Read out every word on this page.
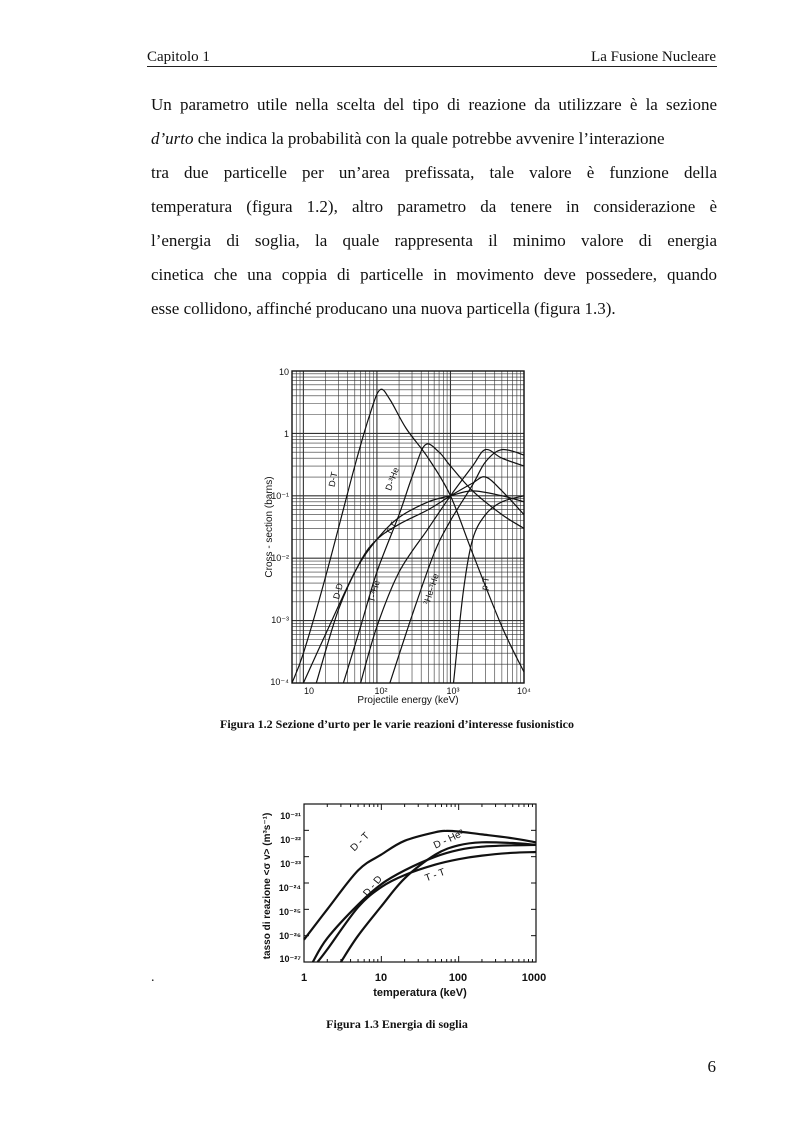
Capitolo 1	La Fusione Nucleare
Un parametro utile nella scelta del tipo di reazione da utilizzare è la sezione
d’urto che indica la probabilità con la quale potrebbe avvenire l’interazione
tra due particelle per un’area prefissata, tale valore è funzione della
temperatura (figura 1.2), altro parametro da tenere in considerazione è
l’energia di soglia, la quale rappresenta il minimo valore di energia
cinetica che una coppia di particelle in movimento deve possedere, quando
esse collidono, affinché producano una nuova particella (figura 1.3).
10
1
10⁻¹
10⁻²
10⁻³
10⁻⁴
10	10²	10³	10⁴
Projectile energy (keV)
Cross - section (barns)	D-T	D-³He
T-T
D-D T-³He	³He-³He	p-T
Figura 1.2 Sezione d’urto per le varie reazioni d’interesse fusionistico
10⁻²¹
10⁻²²
10⁻²³
10⁻²⁴
10⁻²⁵
10⁻²⁶
10⁻²⁷
1	10	100	1000
temperatura (keV)
tasso di reazione <σ v> (m³s⁻¹)	D - T	D - He³
D - D	T - T
.
Figura 1.3 Energia di soglia
6
